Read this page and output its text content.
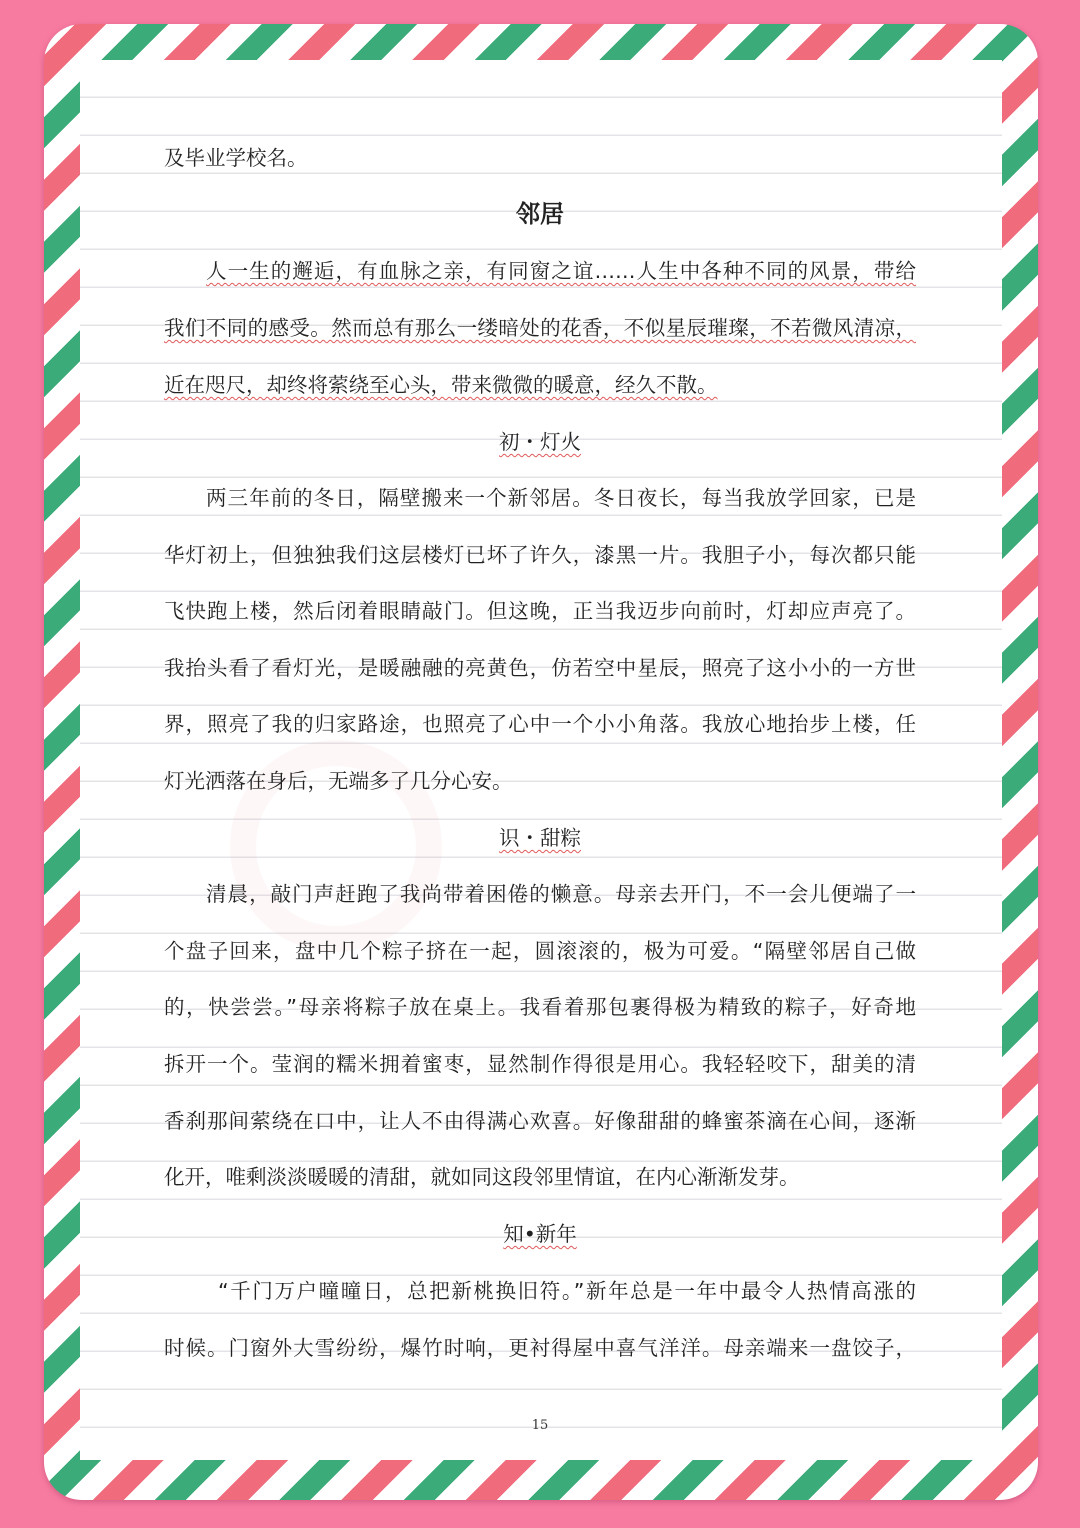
及毕业学校名。
邻居
人一生的邂逅，有血脉之亲，有同窗之谊……人生中各种不同的风景，带给
我们不同的感受。然而总有那么一缕暗处的花香，不似星辰璀璨，不若微风清凉，
近在咫尺，却终将萦绕至心头，带来微微的暖意，经久不散。
初・灯火
两三年前的冬日，隔壁搬来一个新邻居。冬日夜长，每当我放学回家，已是
华灯初上，但独独我们这层楼灯已坏了许久，漆黑一片。我胆子小，每次都只能
飞快跑上楼，然后闭着眼睛敲门。但这晚，正当我迈步向前时，灯却应声亮了。
我抬头看了看灯光，是暖融融的亮黄色，仿若空中星辰，照亮了这小小的一方世
界，照亮了我的归家路途，也照亮了心中一个小小角落。我放心地抬步上楼，任
灯光洒落在身后，无端多了几分心安。
识・甜粽
清晨，敲门声赶跑了我尚带着困倦的懒意。母亲去开门，不一会儿便端了一
个盘子回来，盘中几个粽子挤在一起，圆滚滚的，极为可爱。“隔壁邻居自己做
的，快尝尝。”母亲将粽子放在桌上。我看着那包裹得极为精致的粽子，好奇地
拆开一个。莹润的糯米拥着蜜枣，显然制作得很是用心。我轻轻咬下，甜美的清
香刹那间萦绕在口中，让人不由得满心欢喜。好像甜甜的蜂蜜茶滴在心间，逐渐
化开，唯剩淡淡暖暖的清甜，就如同这段邻里情谊，在内心渐渐发芽。
知•新年
“千门万户曈曈日，总把新桃换旧符。”新年总是一年中最令人热情高涨的
时候。门窗外大雪纷纷，爆竹时响，更衬得屋中喜气洋洋。母亲端来一盘饺子，
15
